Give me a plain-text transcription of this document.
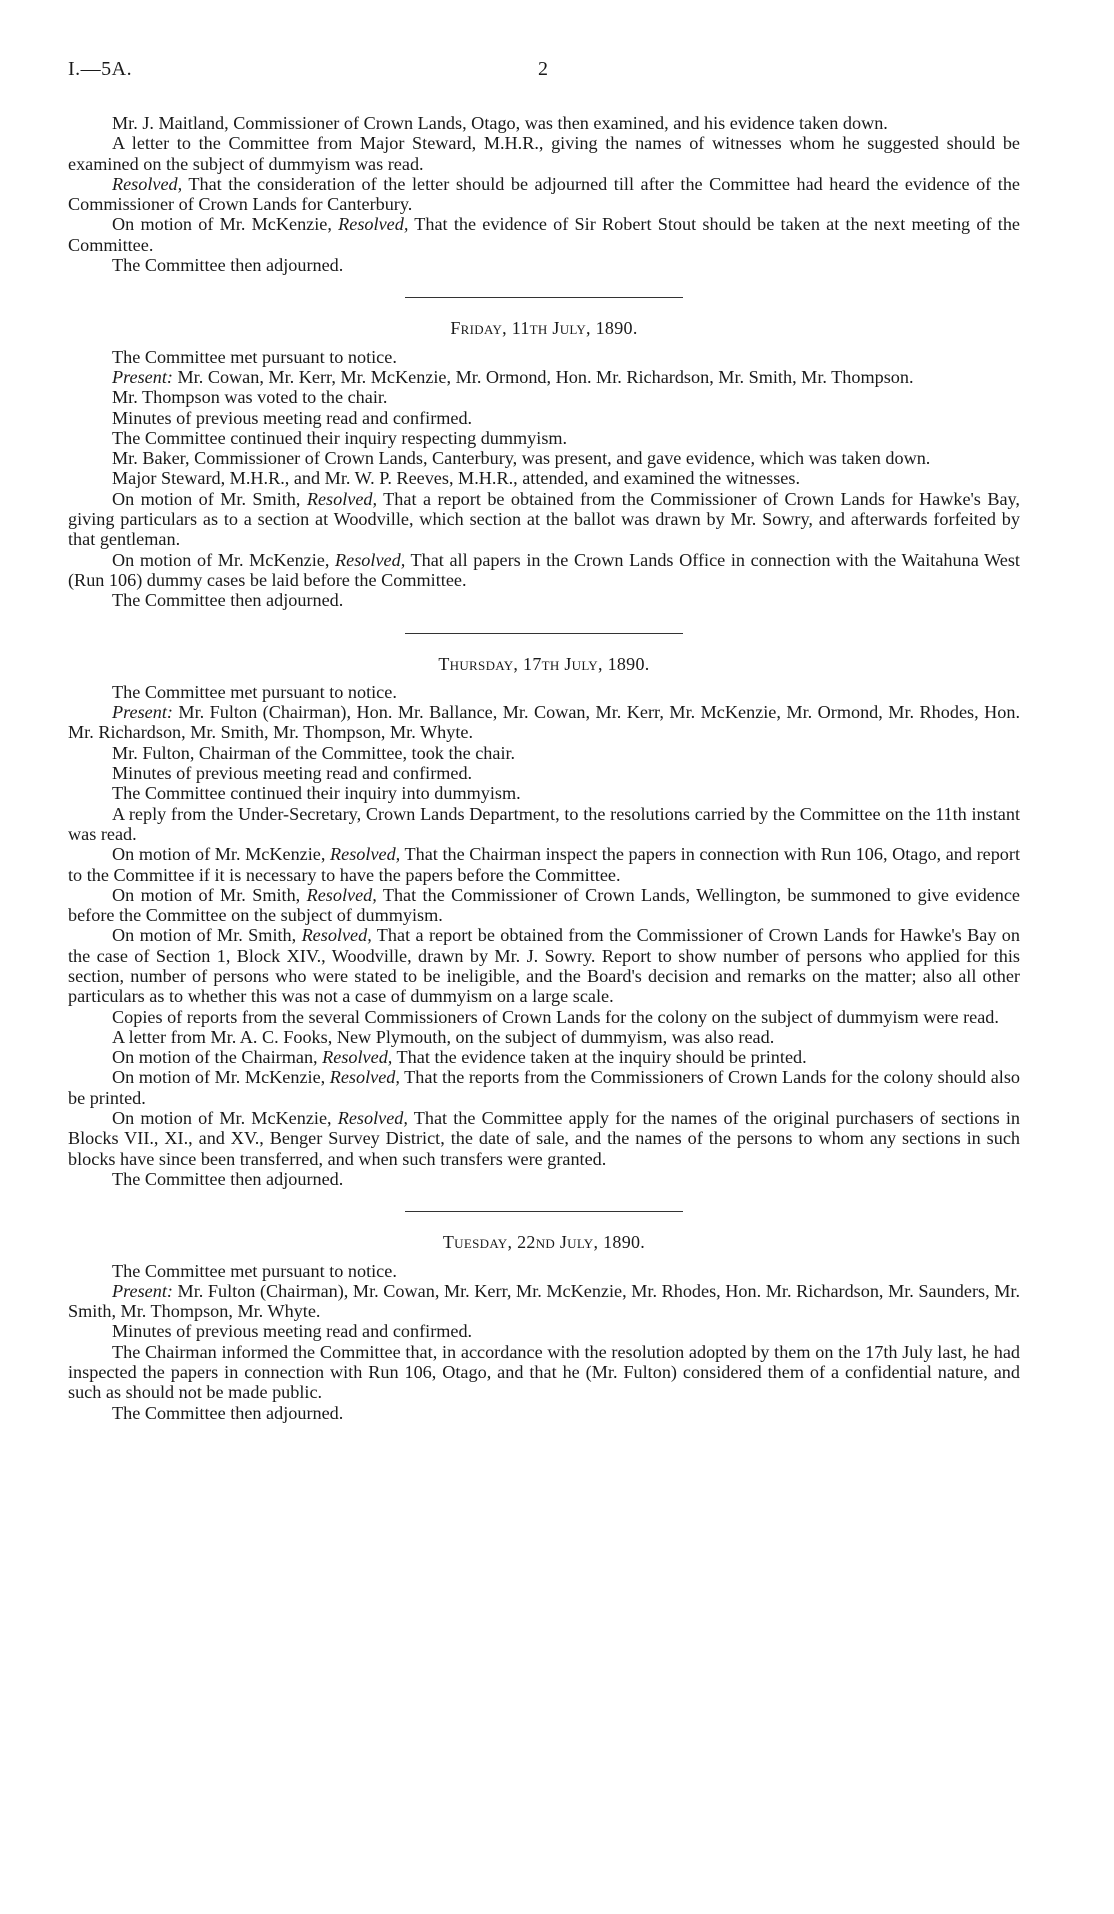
I.—5A.	2

Mr. J. Maitland, Commissioner of Crown Lands, Otago, was then examined, and his evidence taken down.

A letter to the Committee from Major Steward, M.H.R., giving the names of witnesses whom he suggested should be examined on the subject of dummyism was read.

Resolved, That the consideration of the letter should be adjourned till after the Committee had heard the evidence of the Commissioner of Crown Lands for Canterbury.

On motion of Mr. McKenzie, Resolved, That the evidence of Sir Robert Stout should be taken at the next meeting of the Committee.

The Committee then adjourned.

Friday, 11th July, 1890.

The Committee met pursuant to notice.

Present: Mr. Cowan, Mr. Kerr, Mr. McKenzie, Mr. Ormond, Hon. Mr. Richardson, Mr. Smith, Mr. Thompson.

Mr. Thompson was voted to the chair.

Minutes of previous meeting read and confirmed.

The Committee continued their inquiry respecting dummyism.

Mr. Baker, Commissioner of Crown Lands, Canterbury, was present, and gave evidence, which was taken down.

Major Steward, M.H.R., and Mr. W. P. Reeves, M.H.R., attended, and examined the witnesses.

On motion of Mr. Smith, Resolved, That a report be obtained from the Commissioner of Crown Lands for Hawke's Bay, giving particulars as to a section at Woodville, which section at the ballot was drawn by Mr. Sowry, and afterwards forfeited by that gentleman.

On motion of Mr. McKenzie, Resolved, That all papers in the Crown Lands Office in connection with the Waitahuna West (Run 106) dummy cases be laid before the Committee.

The Committee then adjourned.

Thursday, 17th July, 1890.

The Committee met pursuant to notice.

Present: Mr. Fulton (Chairman), Hon. Mr. Ballance, Mr. Cowan, Mr. Kerr, Mr. McKenzie, Mr. Ormond, Mr. Rhodes, Hon. Mr. Richardson, Mr. Smith, Mr. Thompson, Mr. Whyte.

Mr. Fulton, Chairman of the Committee, took the chair.

Minutes of previous meeting read and confirmed.

The Committee continued their inquiry into dummyism.

A reply from the Under-Secretary, Crown Lands Department, to the resolutions carried by the Committee on the 11th instant was read.

On motion of Mr. McKenzie, Resolved, That the Chairman inspect the papers in connection with Run 106, Otago, and report to the Committee if it is necessary to have the papers before the Committee.

On motion of Mr. Smith, Resolved, That the Commissioner of Crown Lands, Wellington, be summoned to give evidence before the Committee on the subject of dummyism.

On motion of Mr. Smith, Resolved, That a report be obtained from the Commissioner of Crown Lands for Hawke's Bay on the case of Section 1, Block XIV., Woodville, drawn by Mr. J. Sowry. Report to show number of persons who applied for this section, number of persons who were stated to be ineligible, and the Board's decision and remarks on the matter; also all other particulars as to whether this was not a case of dummyism on a large scale.

Copies of reports from the several Commissioners of Crown Lands for the colony on the subject of dummyism were read.

A letter from Mr. A. C. Fooks, New Plymouth, on the subject of dummyism, was also read.

On motion of the Chairman, Resolved, That the evidence taken at the inquiry should be printed.

On motion of Mr. McKenzie, Resolved, That the reports from the Commissioners of Crown Lands for the colony should also be printed.

On motion of Mr. McKenzie, Resolved, That the Committee apply for the names of the original purchasers of sections in Blocks VII., XI., and XV., Benger Survey District, the date of sale, and the names of the persons to whom any sections in such blocks have since been transferred, and when such transfers were granted.

The Committee then adjourned.

Tuesday, 22nd July, 1890.

The Committee met pursuant to notice.

Present: Mr. Fulton (Chairman), Mr. Cowan, Mr. Kerr, Mr. McKenzie, Mr. Rhodes, Hon. Mr. Richardson, Mr. Saunders, Mr. Smith, Mr. Thompson, Mr. Whyte.

Minutes of previous meeting read and confirmed.

The Chairman informed the Committee that, in accordance with the resolution adopted by them on the 17th July last, he had inspected the papers in connection with Run 106, Otago, and that he (Mr. Fulton) considered them of a confidential nature, and such as should not be made public.

The Committee then adjourned.
